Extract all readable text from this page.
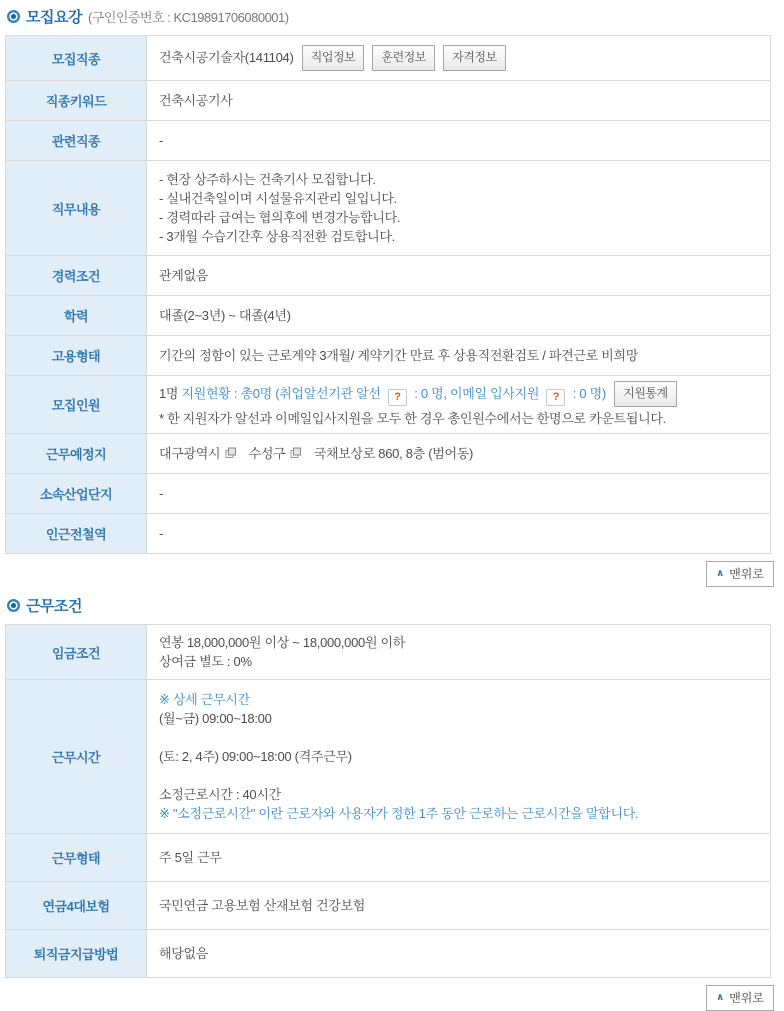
모집요강 (구인인증번호 : KC19891706080001)
모집직종	건축시공기술자(141104) 직업정보 훈련정보 자격정보
직종키워드	건축시공기사
관련직종	-
직무내용	- 현장 상주하시는 건축기사 모집합니다.
- 실내건축일이며 시설물유지관리 일입니다.
- 경력따라 급여는 협의후에 변경가능합니다.
- 3개월 수습기간후 상용직전환 검토합니다.

경력조건	관계없음
학력	대졸(2~3년) ~ 대졸(4년)
고용형태	기간의 정함이 있는 근로계약 3개월/ 계약기간 만료 후 상용직전환검토 / 파견근로 비희망
모집인원	1명 지원현황 : 총0명 (취업알선기관 알선 ? : 0 명, 이메일 입사지원 ? : 0 명) 지원통계
* 한 지원자가 알선과 이메일입사지원을 모두 한 경우 총인원수에서는 한명으로 카운트됩니다.

근무예정지	대구광역시 수성구 국채보상로 860, 8층 (범어동)
소속산업단지	-
인근전철역	-
∧ 맨위로
근무조건
임금조건	연봉 18,000,000원 이상 ~ 18,000,000원 이하
상여금 별도 : 0%

근무시간	※ 상세 근무시간
(월~금) 09:00~18:00
(토: 2, 4주) 09:00~18:00 (격주근무)
소정근로시간 : 40시간
※ "소정근로시간" 이란 근로자와 사용자가 정한 1주 동안 근로하는 근로시간을 말합니다.

근무형태	주 5일 근무
연금4대보험	국민연금 고용보험 산재보험 건강보험
퇴직금지급방법	해당없음
∧ 맨위로
